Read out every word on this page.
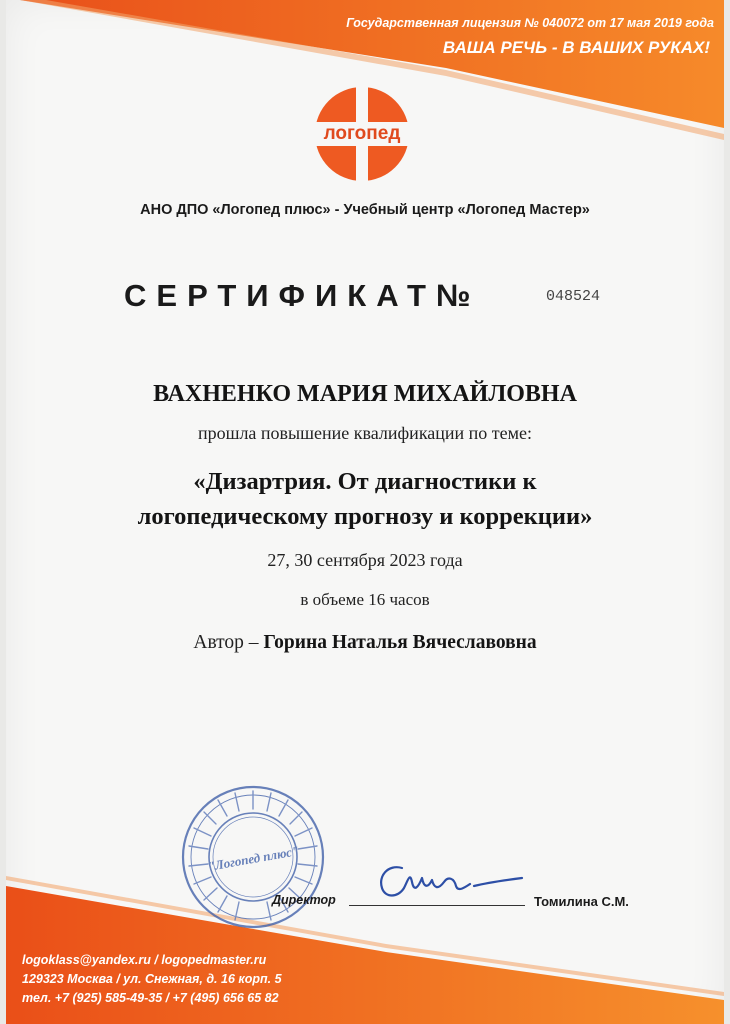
Государственная лицензия № 040072 от 17 мая 2019 года
ВАША РЕЧЬ - В ВАШИХ РУКАХ!
логопед
АНО ДПО «Логопед плюс» - Учебный центр «Логопед Мастер»
СЕРТИФИКАТ№	048524
ВАХНЕНКО МАРИЯ МИХАЙЛОВНА
прошла повышение квалификации по теме:
«Дизартрия. От диагностики к
логопедическому прогнозу и коррекции»
27, 30 сентября 2023 года
в объеме 16 часов
Автор – Горина Наталья Вячеславовна
"Логопед плюс"
Директор	Томилина С.М.
logoklass@yandex.ru / logopedmaster.ru
129323 Москва / ул. Снежная, д. 16 корп. 5
тел. +7 (925) 585-49-35 / +7 (495) 656 65 82
